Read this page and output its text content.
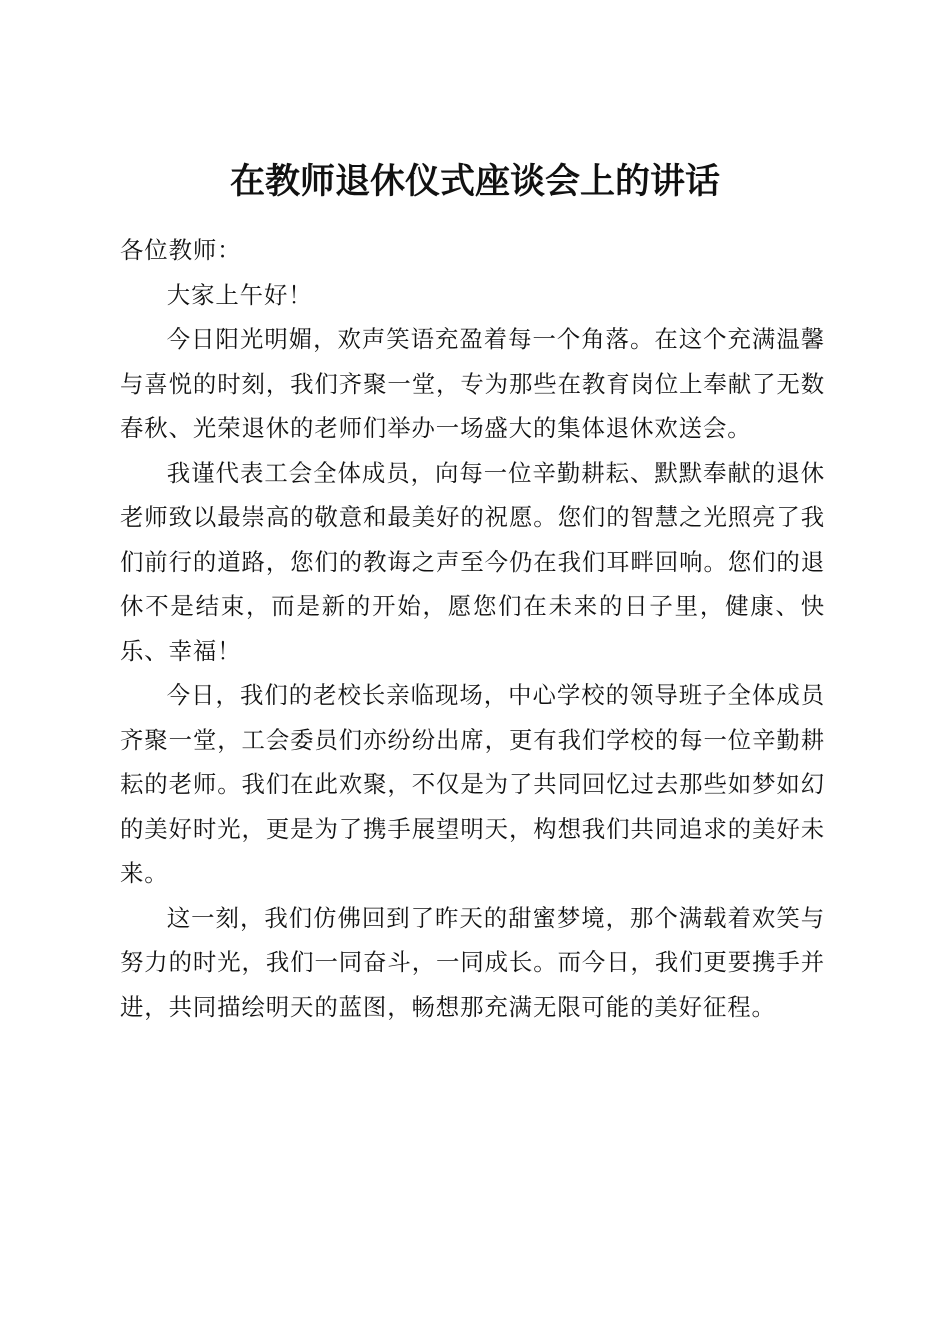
在教师退休仪式座谈会上的讲话

各位教师：

大家上午好！

今日阳光明媚，欢声笑语充盈着每一个角落。在这个充满温馨与喜悦的时刻，我们齐聚一堂，专为那些在教育岗位上奉献了无数春秋、光荣退休的老师们举办一场盛大的集体退休欢送会。

我谨代表工会全体成员，向每一位辛勤耕耘、默默奉献的退休老师致以最崇高的敬意和最美好的祝愿。您们的智慧之光照亮了我们前行的道路，您们的教诲之声至今仍在我们耳畔回响。您们的退休不是结束，而是新的开始，愿您们在未来的日子里，健康、快乐、幸福！

今日，我们的老校长亲临现场，中心学校的领导班子全体成员齐聚一堂，工会委员们亦纷纷出席，更有我们学校的每一位辛勤耕耘的老师。我们在此欢聚，不仅是为了共同回忆过去那些如梦如幻的美好时光，更是为了携手展望明天，构想我们共同追求的美好未来。

这一刻，我们仿佛回到了昨天的甜蜜梦境，那个满载着欢笑与努力的时光，我们一同奋斗，一同成长。而今日，我们更要携手并进，共同描绘明天的蓝图，畅想那充满无限可能的美好征程。
